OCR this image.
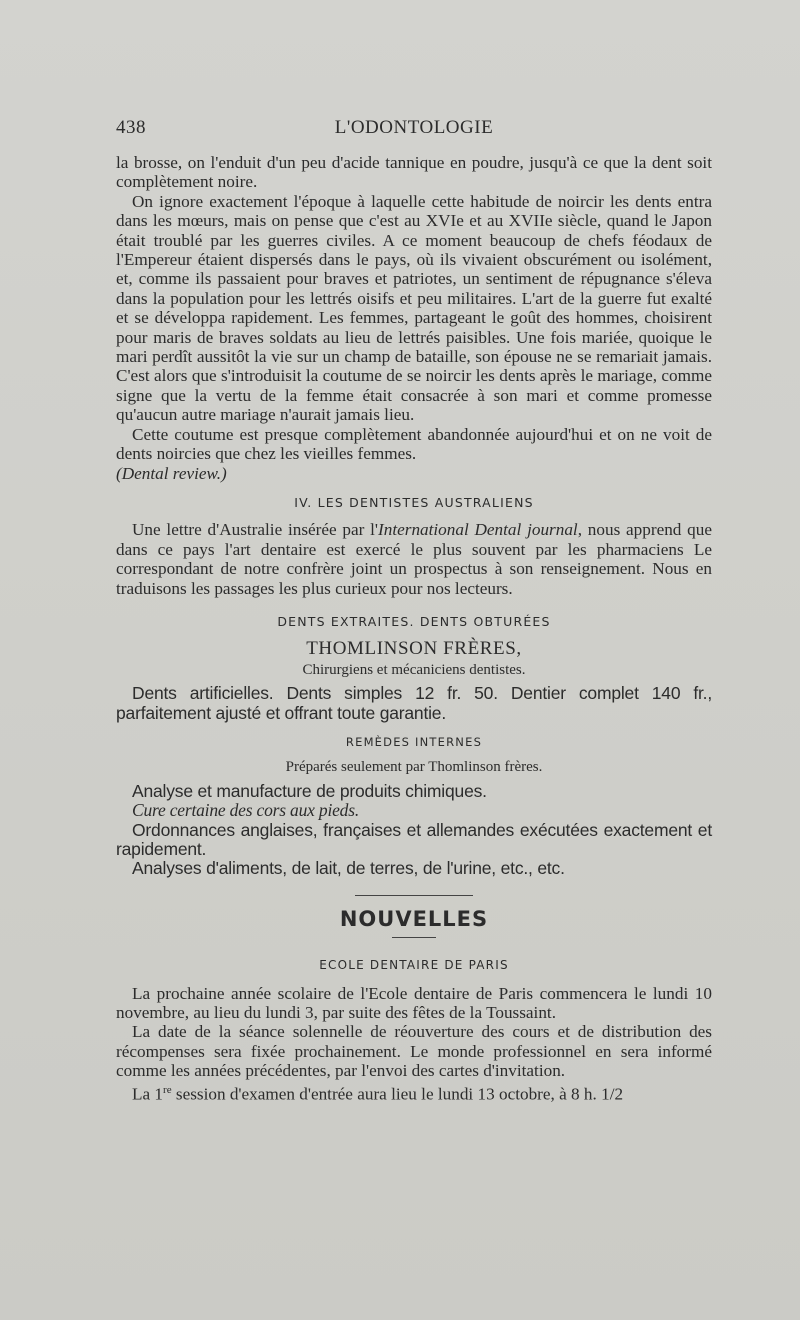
438	L'ODONTOLOGIE

la brosse, on l'enduit d'un peu d'acide tannique en poudre, jusqu'à ce que la dent soit complètement noire.

On ignore exactement l'époque à laquelle cette habitude de noircir les dents entra dans les mœurs, mais on pense que c'est au XVIe et au XVIIe siècle, quand le Japon était troublé par les guerres civiles. A ce moment beaucoup de chefs féodaux de l'Empereur étaient dispersés dans le pays, où ils vivaient obscurément ou isolément, et, comme ils passaient pour braves et patriotes, un sentiment de répugnance s'éleva dans la population pour les lettrés oisifs et peu militaires. L'art de la guerre fut exalté et se développa rapidement. Les femmes, partageant le goût des hommes, choisirent pour maris de braves soldats au lieu de lettrés paisibles. Une fois mariée, quoique le mari perdît aussitôt la vie sur un champ de bataille, son épouse ne se remariait jamais. C'est alors que s'introduisit la coutume de se noircir les dents après le mariage, comme signe que la vertu de la femme était consacrée à son mari et comme promesse qu'aucun autre mariage n'aurait jamais lieu.

Cette coutume est presque complètement abandonnée aujourd'hui et on ne voit de dents noircies que chez les vieilles femmes.

(Dental review.)

IV. LES DENTISTES AUSTRALIENS

Une lettre d'Australie insérée par l'International Dental journal, nous apprend que dans ce pays l'art dentaire est exercé le plus souvent par les pharmaciens Le correspondant de notre confrère joint un prospectus à son renseignement. Nous en traduisons les passages les plus curieux pour nos lecteurs.

DENTS EXTRAITES. DENTS OBTURÉES
THOMLINSON FRÈRES,
Chirurgiens et mécaniciens dentistes.

Dents artificielles. Dents simples 12 fr. 50. Dentier complet 140 fr., parfaitement ajusté et offrant toute garantie.

REMÈDES INTERNES
Préparés seulement par Thomlinson frères.

Analyse et manufacture de produits chimiques.

Cure certaine des cors aux pieds.

Ordonnances anglaises, françaises et allemandes exécutées exactement et rapidement.

Analyses d'aliments, de lait, de terres, de l'urine, etc., etc.

NOUVELLES
ECOLE DENTAIRE DE PARIS

La prochaine année scolaire de l'Ecole dentaire de Paris commencera le lundi 10 novembre, au lieu du lundi 3, par suite des fêtes de la Toussaint.

La date de la séance solennelle de réouverture des cours et de distribution des récompenses sera fixée prochainement. Le monde professionnel en sera informé comme les années précédentes, par l'envoi des cartes d'invitation.

La 1re session d'examen d'entrée aura lieu le lundi 13 octobre, à 8 h. 1/2
